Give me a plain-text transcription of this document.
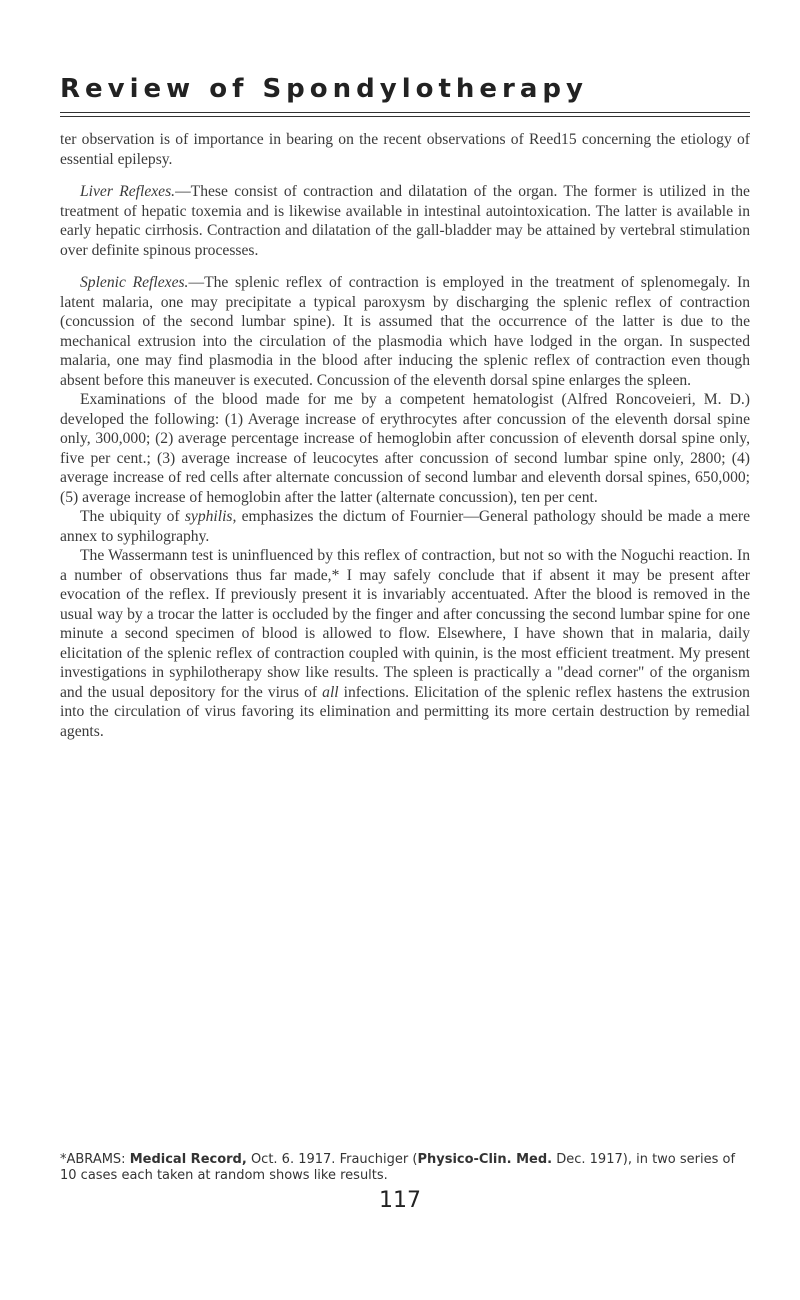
Review of Spondylotherapy

ter observation is of importance in bearing on the recent observations of Reed15 concerning the etiology of essential epilepsy.

Liver Reflexes.—These consist of contraction and dilatation of the organ. The former is utilized in the treatment of hepatic toxemia and is likewise available in intestinal autointoxication. The latter is available in early hepatic cirrhosis. Contraction and dilatation of the gall-bladder may be attained by vertebral stimulation over definite spinous processes.

Splenic Reflexes.—The splenic reflex of contraction is employed in the treatment of splenomegaly. In latent malaria, one may precipitate a typical paroxysm by discharging the splenic reflex of contraction (concussion of the second lumbar spine). It is assumed that the occurrence of the latter is due to the mechanical extrusion into the circulation of the plasmodia which have lodged in the organ. In suspected malaria, one may find plasmodia in the blood after inducing the splenic reflex of contraction even though absent before this maneuver is executed. Concussion of the eleventh dorsal spine enlarges the spleen.

Examinations of the blood made for me by a competent hematologist (Alfred Roncoveieri, M. D.) developed the following: (1) Average increase of erythrocytes after concussion of the eleventh dorsal spine only, 300,000; (2) average percentage increase of hemoglobin after concussion of eleventh dorsal spine only, five per cent.; (3) average increase of leucocytes after concussion of second lumbar spine only, 2800; (4) average increase of red cells after alternate concussion of second lumbar and eleventh dorsal spines, 650,000; (5) average increase of hemoglobin after the latter (alternate concussion), ten per cent.

The ubiquity of syphilis, emphasizes the dictum of Fournier—General pathology should be made a mere annex to syphilography.

The Wassermann test is uninfluenced by this reflex of contraction, but not so with the Noguchi reaction. In a number of observations thus far made,* I may safely conclude that if absent it may be present after evocation of the reflex. If previously present it is invariably accentuated. After the blood is removed in the usual way by a trocar the latter is occluded by the finger and after concussing the second lumbar spine for one minute a second specimen of blood is allowed to flow. Elsewhere, I have shown that in malaria, daily elicitation of the splenic reflex of contraction coupled with quinin, is the most efficient treatment. My present investigations in syphilotherapy show like results. The spleen is practically a "dead corner" of the organism and the usual depository for the virus of all infections. Elicitation of the splenic reflex hastens the extrusion into the circulation of virus favoring its elimination and permitting its more certain destruction by remedial agents.

*ABRAMS: Medical Record, Oct. 6. 1917. Frauchiger (Physico-Clin. Med. Dec. 1917), in two series of 10 cases each taken at random shows like results.
117
